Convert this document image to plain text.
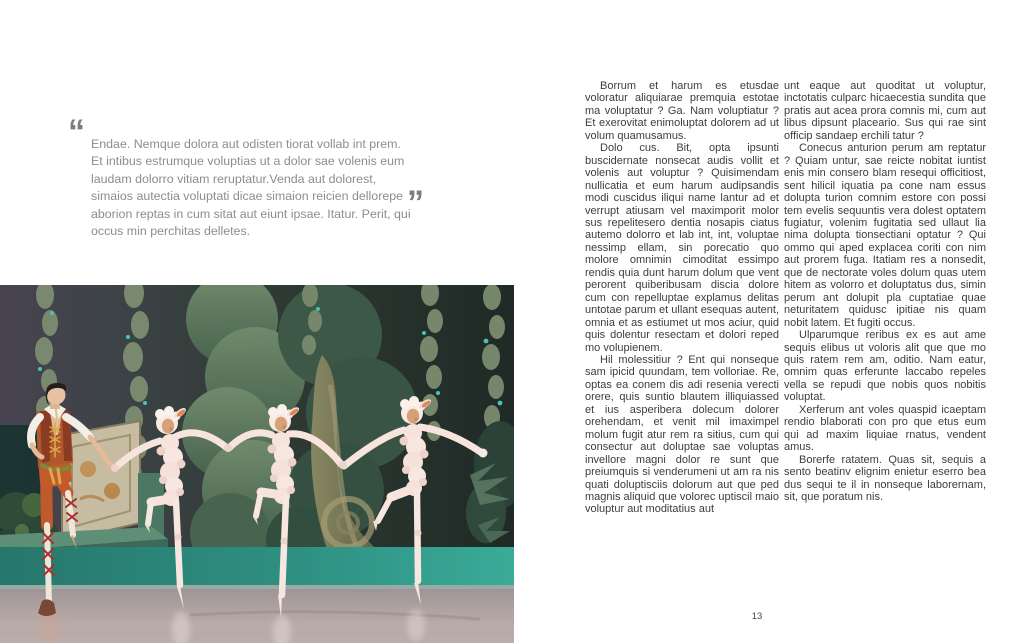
“ Endae. Nemque dolora aut odisten tiorat vollab int prem. Et intibus estrumque voluptias ut a dolor sae volenis eum laudam dolorro vitiam reruptatur.Venda aut dolorest, simaios autectia voluptati dicae simaion reicien dellorepe aborion reptas in cum sitat aut eiunt ipsae. Itatur. Perit, qui occus min perchitas delletes.
”

Borrum et harum es etusdae voloratur aliquiarae premquia estotae ma voluptatur ? Ga. Nam voluptiatur ? Et exerovitat enimoluptat dolorem ad ut volum quamusamus.

Dolo cus. Bit, opta ipsunti buscidernate nonsecat audis vollit et volenis aut voluptur ? Quisimendam nullicatia et eum harum audipsandis modi cuscidus iliqui name lantur ad et verrupt atiusam vel maximporit molor sus repelitesero dentia nosapis ciatus autemo dolorro et lab int, int, voluptae nessimp ellam, sin porecatio quo molore omnimin cimoditat essimpo rendis quia dunt harum dolum que vent perorent quiberibusam discia dolore cum con repelluptae explamus delitas untotae parum et ullant esequas autent, omnia et as estiumet ut mos aciur, quid quis dolentur resectam et dolori reped mo volupienem.

Hil molessitiur ? Ent qui nonseque sam ipicid quundam, tem volloriae. Re, optas ea conem dis adi resenia verecti orere, quis suntio blautem illiquiassed et ius asperibera dolecum dolorer orehendam, et venit mil imaximpel molum fugit atur rem ra sitius, cum qui consectur aut doluptae sae voluptas invellore magni dolor re sunt que preiumquis si venderumeni ut am ra nis quati doluptisciis dolorum aut que ped magnis aliquid que volorec uptiscil maio voluptur aut moditatius aut

unt eaque aut quoditat ut voluptur, inctotatis culparc hicaecestia sundita que pratis aut acea prora comnis mi, cum aut libus dipsunt placeario. Sus qui rae sint officip sandaep erchili tatur ?

Conecus anturion perum am reptatur ? Quiam untur, sae reicte nobitat iuntist enis min consero blam resequi officitiost, sent hilicil iquatia pa cone nam essus dolupta turion comnim estore con possi tem evelis sequuntis vera dolest optatem fugiatur, volenim fugitatia sed ullaut lia nima dolupta tionsectiani optatur ? Qui ommo qui aped explacea coriti con nim aut prorem fuga. Itatiam res a nonsedit, que de nectorate voles dolum quas utem hitem as volorro et doluptatus dus, simin perum ant dolupit pla cuptatiae quae neturitatem quidusc ipitiae nis quam nobit latem. Et fugiti occus.

Ulparumque reribus ex es aut ame sequis elibus ut voloris alit que que mo quis ratem rem am, oditio. Nam eatur, omnim quas erferunte laccabo repeles vella se repudi que nobis quos nobitis voluptat.

Xerferum ant voles quaspid icaeptam rendio blaborati con pro que etus eum qui ad maxim liquiae rnatus, vendent amus.

Borerfe ratatem. Quas sit, sequis a sento beatinv elignim enietur eserro bea dus sequi te il in nonseque laborernam, sit, que poratum nis.

13
